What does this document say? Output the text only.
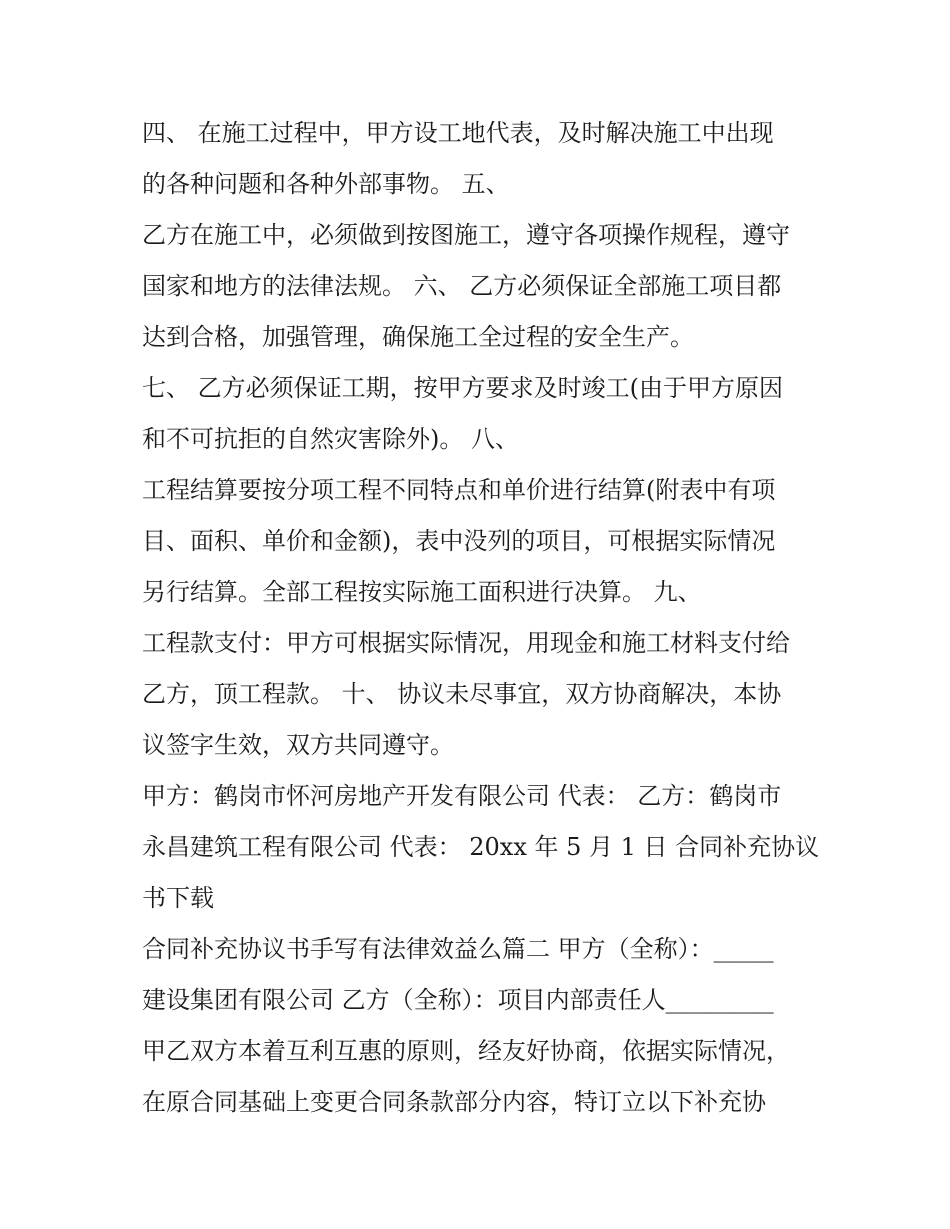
四、 在施工过程中，甲方设工地代表，及时解决施工中出现
的各种问题和各种外部事物。 五、
乙方在施工中，必须做到按图施工，遵守各项操作规程，遵守
国家和地方的法律法规。 六、 乙方必须保证全部施工项目都
达到合格，加强管理，确保施工全过程的安全生产。
七、 乙方必须保证工期，按甲方要求及时竣工(由于甲方原因
和不可抗拒的自然灾害除外)。 八、
工程结算要按分项工程不同特点和单价进行结算(附表中有项
目、面积、单价和金额)，表中没列的项目，可根据实际情况
另行结算。全部工程按实际施工面积进行决算。 九、
工程款支付：甲方可根据实际情况，用现金和施工材料支付给
乙方，顶工程款。 十、 协议未尽事宜，双方协商解决，本协
议签字生效，双方共同遵守。
甲方：鹤岗市怀河房地产开发有限公司 代表： 乙方：鹤岗市
永昌建筑工程有限公司 代表： 20xx 年 5 月 1 日 合同补充协议
书下载
合同补充协议书手写有法律效益么篇二 甲方（全称）：_____
建设集团有限公司 乙方（全称）：项目内部责任人_________
甲乙双方本着互利互惠的原则，经友好协商，依据实际情况，
在原合同基础上变更合同条款部分内容，特订立以下补充协
